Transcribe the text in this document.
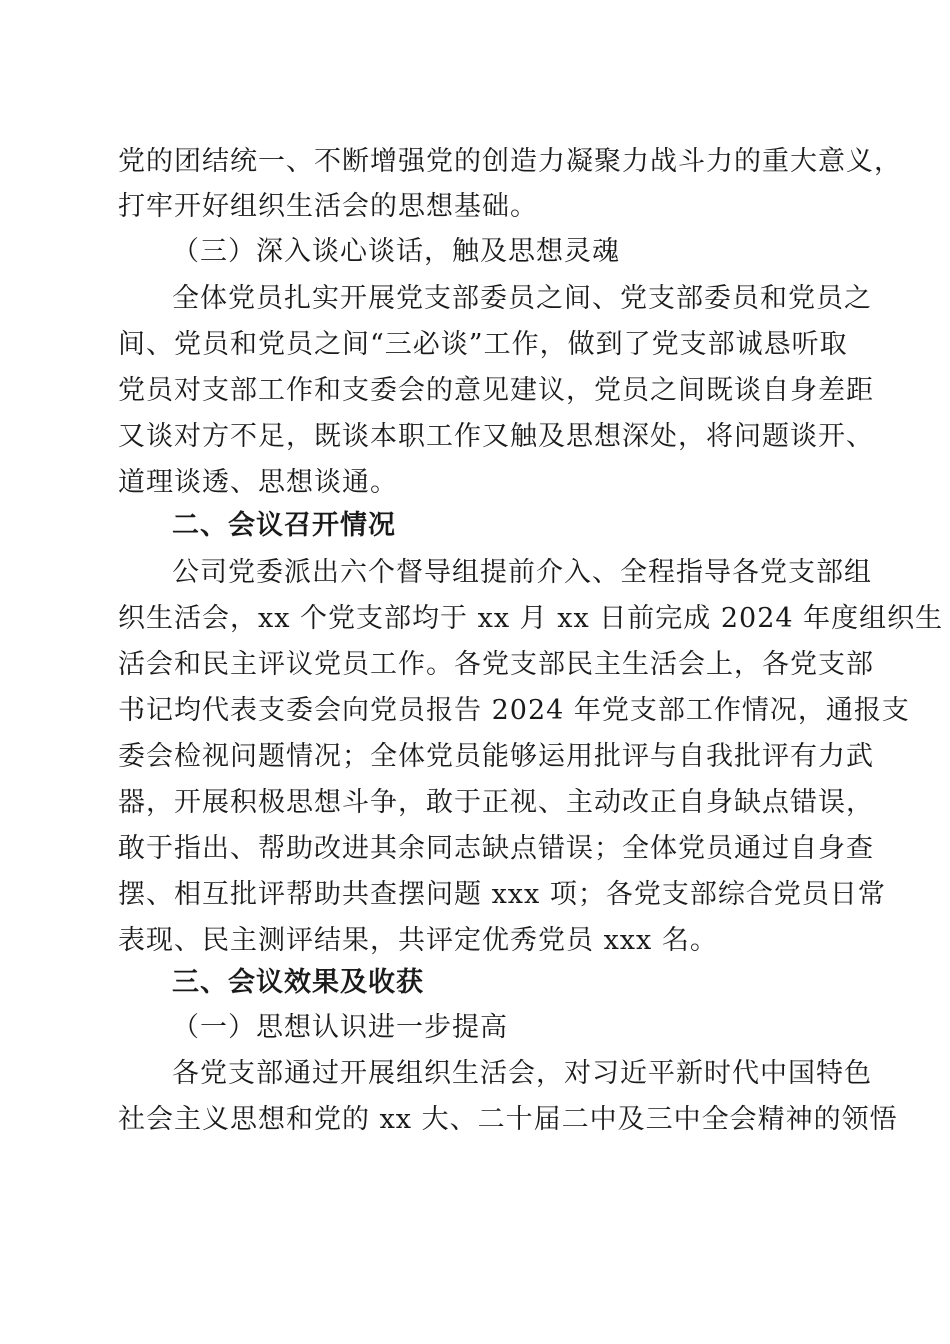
党的团结统一、不断增强党的创造力凝聚力战斗力的重大意义，
打牢开好组织生活会的思想基础。
（三）深入谈心谈话，触及思想灵魂
全体党员扎实开展党支部委员之间、党支部委员和党员之
间、党员和党员之间“三必谈”工作，做到了党支部诚恳听取
党员对支部工作和支委会的意见建议，党员之间既谈自身差距
又谈对方不足，既谈本职工作又触及思想深处，将问题谈开、
道理谈透、思想谈通。
二、会议召开情况
公司党委派出六个督导组提前介入、全程指导各党支部组
织生活会，xx 个党支部均于 xx 月 xx 日前完成 2024 年度组织生
活会和民主评议党员工作。各党支部民主生活会上，各党支部
书记均代表支委会向党员报告 2024 年党支部工作情况，通报支
委会检视问题情况；全体党员能够运用批评与自我批评有力武
器，开展积极思想斗争，敢于正视、主动改正自身缺点错误，
敢于指出、帮助改进其余同志缺点错误；全体党员通过自身查
摆、相互批评帮助共查摆问题 xxx 项；各党支部综合党员日常
表现、民主测评结果，共评定优秀党员 xxx 名。
三、会议效果及收获
（一）思想认识进一步提高
各党支部通过开展组织生活会，对习近平新时代中国特色
社会主义思想和党的 xx 大、二十届二中及三中全会精神的领悟
